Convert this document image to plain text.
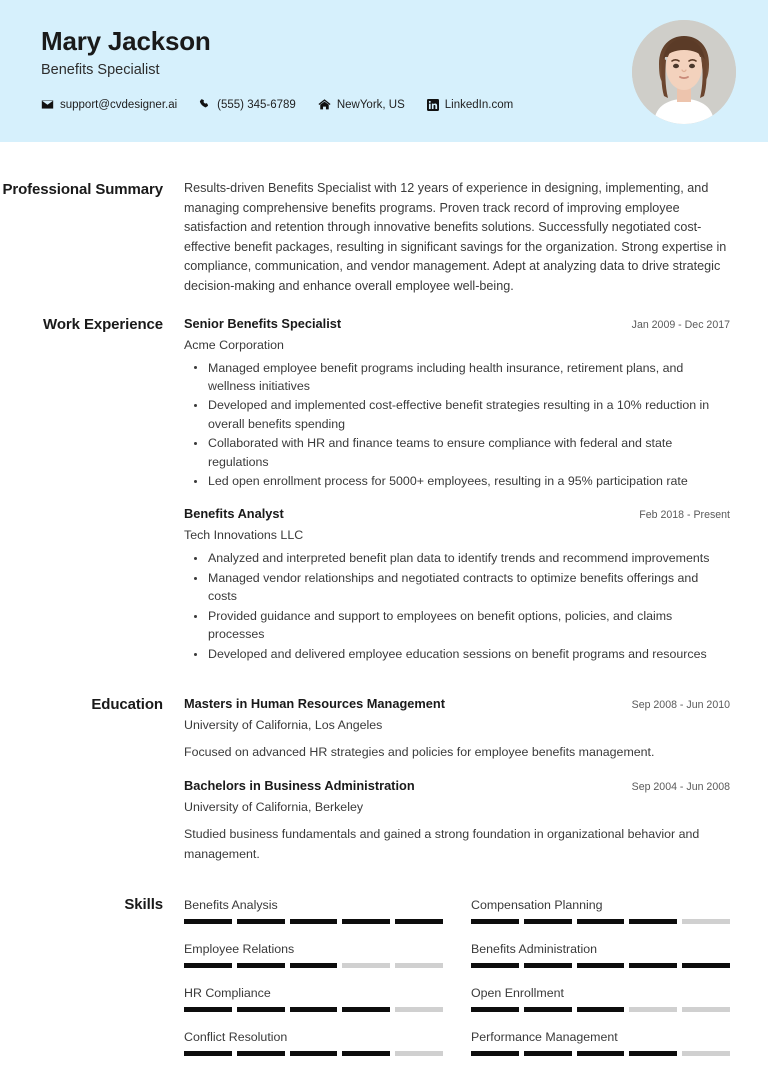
Mary Jackson
Benefits Specialist
support@cvdesigner.ai	(555) 345-6789	NewYork, US	LinkedIn.com
Professional Summary Results-driven Benefits Specialist with 12 years of experience in designing, implementing, and managing comprehensive benefits programs. Proven track record of improving employee satisfaction and retention through innovative benefits solutions. Successfully negotiated cost-effective benefit packages, resulting in significant savings for the organization. Strong expertise in compliance, communication, and vendor management. Adept at analyzing data to drive strategic decision-making and enhance overall employee well-being.
Work Experience Senior Benefits Specialist	Jan 2009 - Dec 2017
Acme Corporation
Managed employee benefit programs including health insurance, retirement plans, and wellness initiatives
Developed and implemented cost-effective benefit strategies resulting in a 10% reduction in overall benefits spending
Collaborated with HR and finance teams to ensure compliance with federal and state regulations
Led open enrollment process for 5000+ employees, resulting in a 95% participation rate
Benefits Analyst	Feb 2018 - Present
Tech Innovations LLC
Analyzed and interpreted benefit plan data to identify trends and recommend improvements
Managed vendor relationships and negotiated contracts to optimize benefits offerings and costs
Provided guidance and support to employees on benefit options, policies, and claims processes
Developed and delivered employee education sessions on benefit programs and resources
Education Masters in Human Resources Management	Sep 2008 - Jun 2010
University of California, Los Angeles
Focused on advanced HR strategies and policies for employee benefits management.
Bachelors in Business Administration	Sep 2004 - Jun 2008
University of California, Berkeley
Studied business fundamentals and gained a strong foundation in organizational behavior and management.
Skills Benefits Analysis	Compensation Planning
Employee Relations	Benefits Administration
HR Compliance	Open Enrollment
Conflict Resolution	Performance Management
